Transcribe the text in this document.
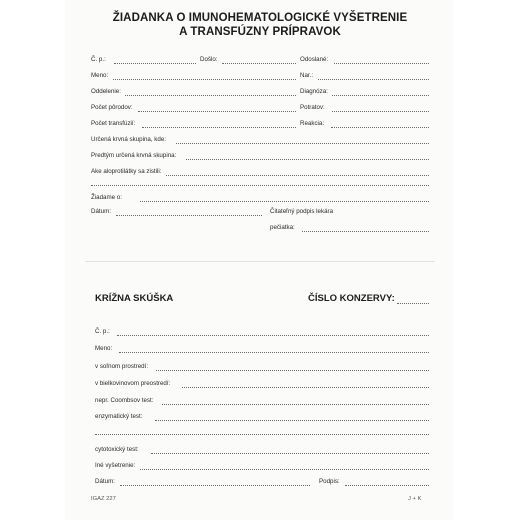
ŽIADANKA O IMUNOHEMATOLOGICKÉ VYŠETRENIE
A TRANSFÚZNY PRÍPRAVOK
Č. p.:	Došlo:	Odoslané:
Meno:	Nar.:
Oddelenie:	Diagnóza:
Počet pôrodov:	Potratov:
Počet transfúzií:	Reakcia:
Určená krvná skupina, kde:
Predtým určená krvná skupina:
Ake aloprotilátky sa zistili:
Žiadame o:
Dátum:	Čitateľný podpis lekára
pečiatka:
KRÍŽNA SKÚŠKA	ČÍSLO KONZERVY:
Č. p.:
Meno:
v soľnom prostredí:
v bielkovinovom preostredí:
nepr. Coombsov test:
enzymatický test:
cytotoxický test:
Iné vyšetrenie:
Dátum:	Podpis:
IGAZ 227	J + K
